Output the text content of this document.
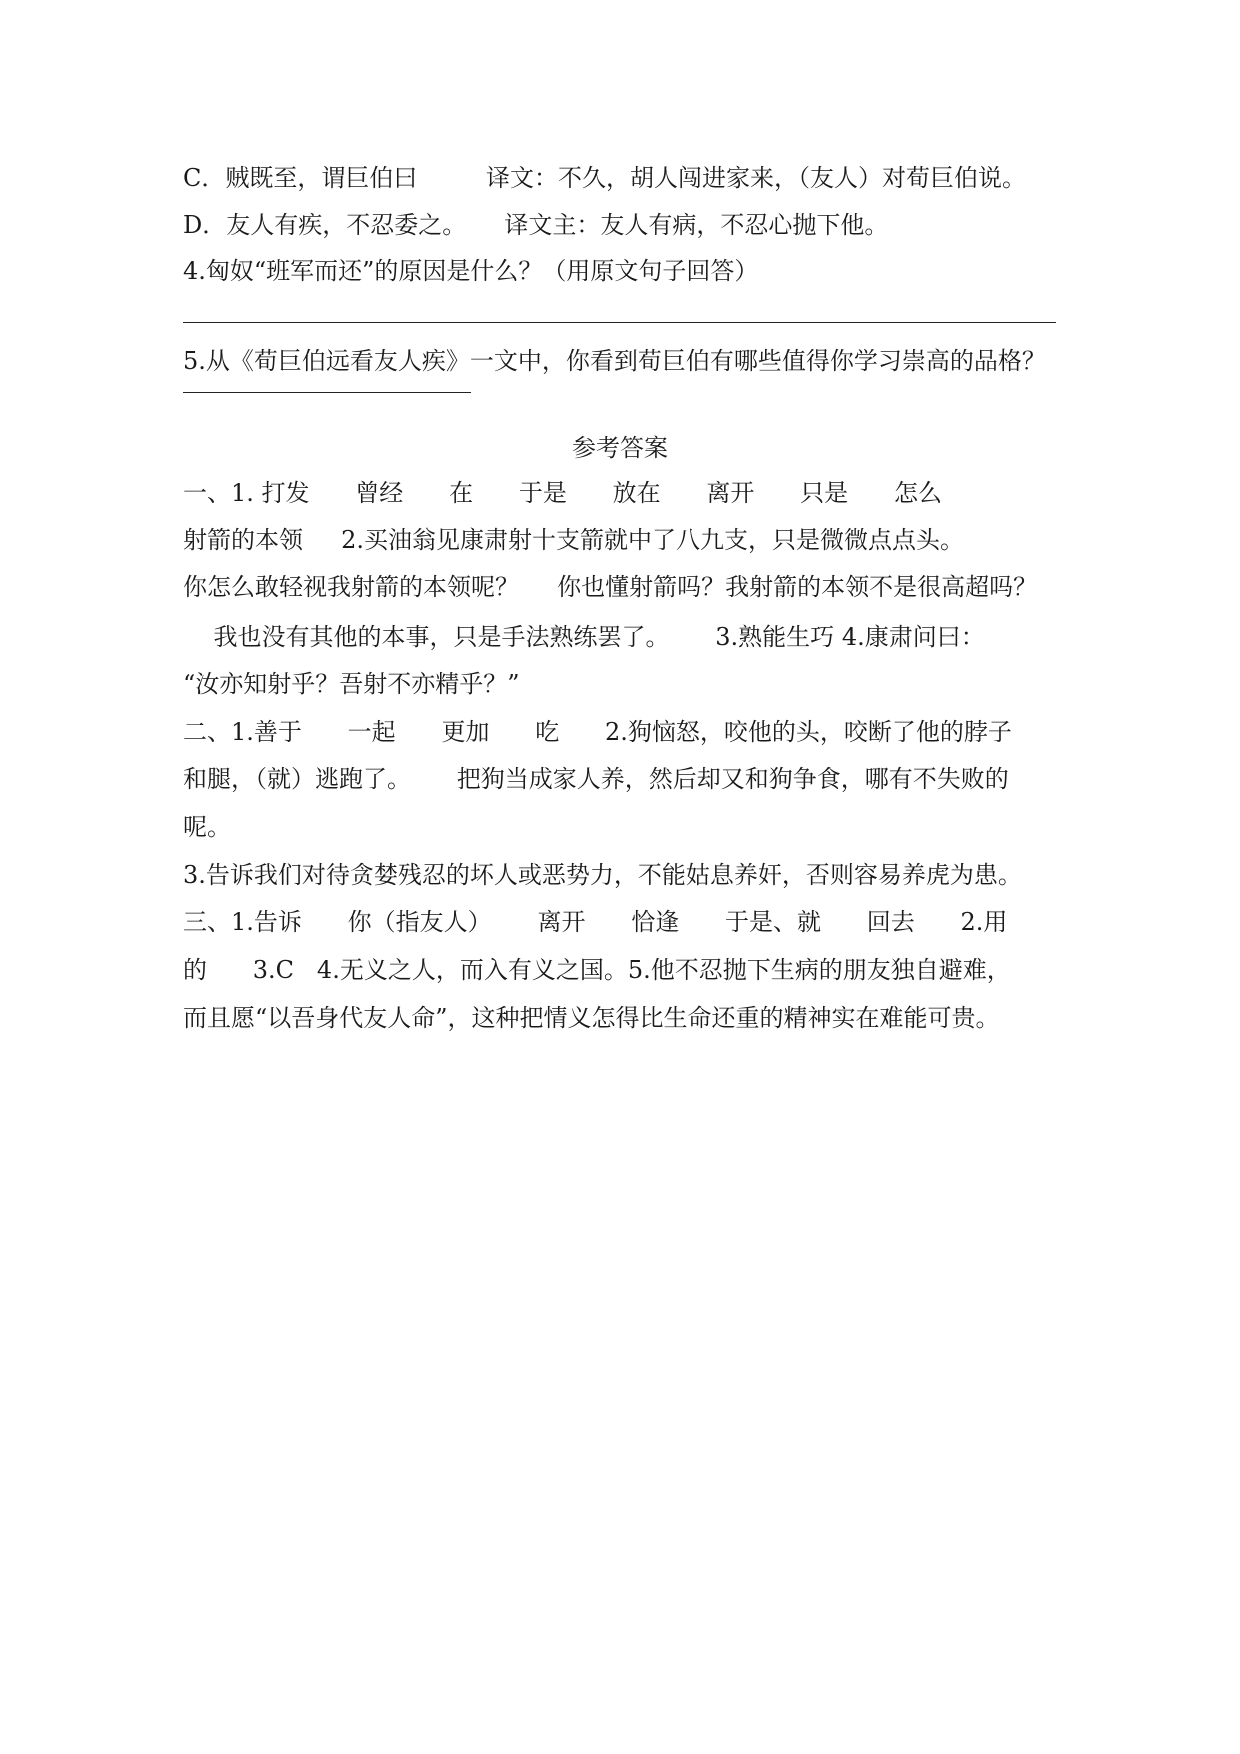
C．贼既至，谓巨伯曰         译文：不久，胡人闯进家来，（友人）对荀巨伯说。
D．友人有疾，不忍委之。     译文主：友人有病，不忍心抛下他。
4.匈奴“班军而还”的原因是什么？（用原文句子回答）
5.从《荀巨伯远看友人疾》一文中，你看到荀巨伯有哪些值得你学习崇高的品格？
参考答案
一、1. 打发      曾经      在      于是      放在      离开      只是      怎么
射箭的本领     2.买油翁见康肃射十支箭就中了八九支，只是微微点点头。
你怎么敢轻视我射箭的本领呢？     你也懂射箭吗？我射箭的本领不是很高超吗？
我也没有其他的本事，只是手法熟练罢了。      3.熟能生巧 4.康肃问曰：
“汝亦知射乎？吾射不亦精乎？”
二、1.善于      一起      更加      吃      2.狗恼怒，咬他的头，咬断了他的脖子
和腿，（就）逃跑了。      把狗当成家人养，然后却又和狗争食，哪有不失败的
呢。
3.告诉我们对待贪婪残忍的坏人或恶势力，不能姑息养奸，否则容易养虎为患。
三、1.告诉      你（指友人）      离开      恰逢      于是、就      回去      2.用
的      3.C   4.无义之人，而入有义之国。5.他不忍抛下生病的朋友独自避难，
而且愿“以吾身代友人命”，这种把情义怎得比生命还重的精神实在难能可贵。
